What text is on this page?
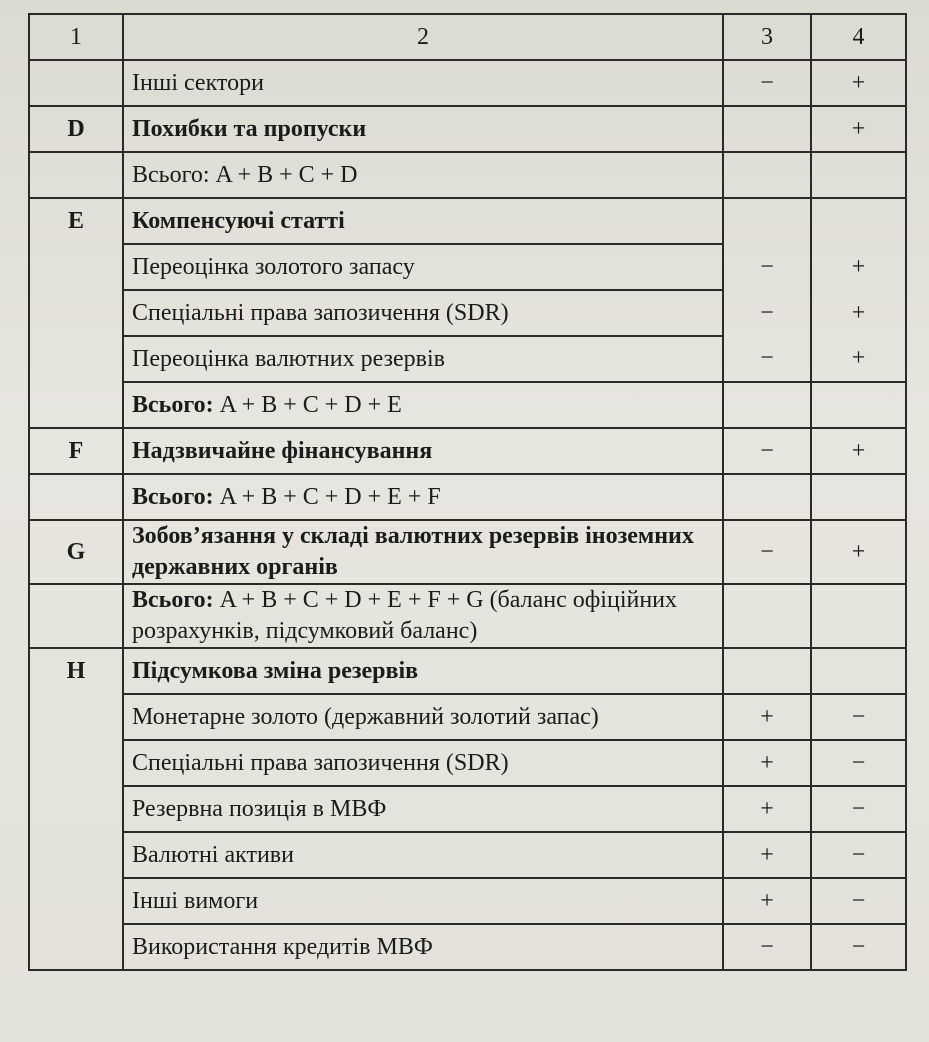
1	2	3	4
	Інші сектори	−	+
D	Похибки та пропуски		+
	Всього: A + B + C + D		
E	Компенсуючі статті		
	Переоцінка золотого запасу	−	+
	Спеціальні права запозичення (SDR)	−	+
	Переоцінка валютних резервів	−	+
	Всього: A + B + C + D + E		
F	Надзвичайне фінансування	−	+
	Всього: A + B + C + D + E + F		
G	Зобов’язання у складі валютних резервів іноземних державних органів	−	+
	Всього: A + B + C + D + E + F + G (баланс офіційних розрахунків, підсумковий баланс)		
H	Підсумкова зміна резервів		
	Монетарне золото (державний золотий запас)	+	−
	Спеціальні права запозичення (SDR)	+	−
	Резервна позиція в МВФ	+	−
	Валютні активи	+	−
	Інші вимоги	+	−
	Використання кредитів МВФ	−	−
